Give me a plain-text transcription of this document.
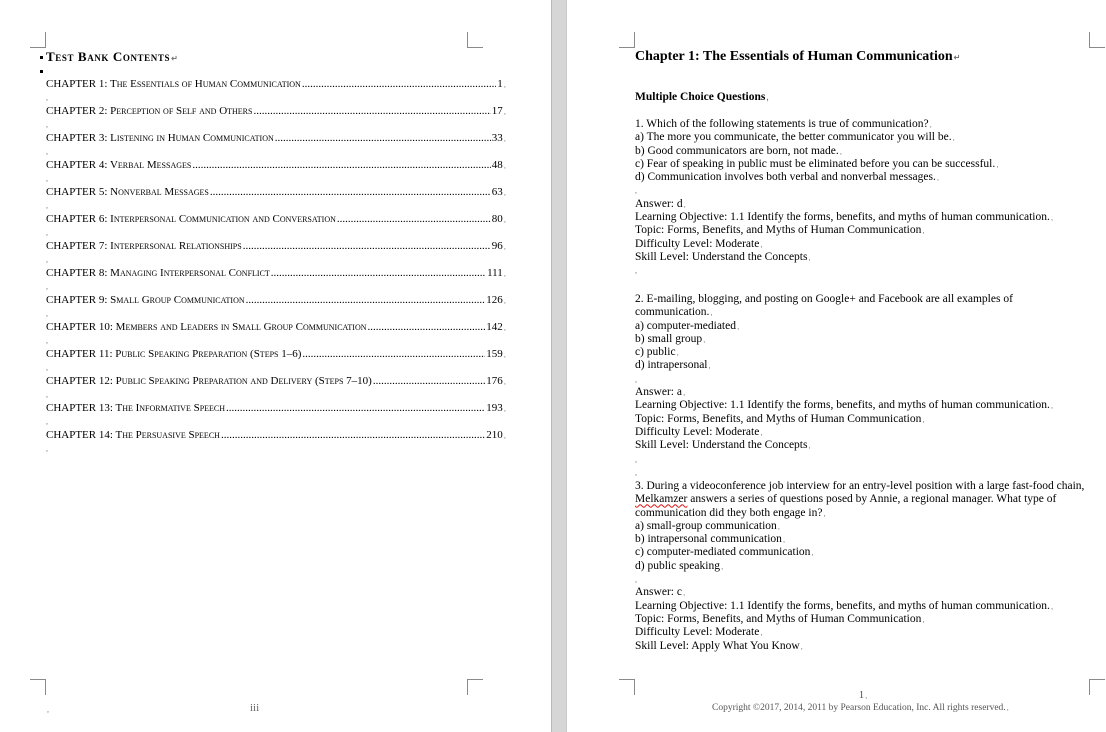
Test Bank Contents↵
CHAPTER 1: The Essentials of Human Communication .....	1 ,
,
CHAPTER 2: Perception of Self and Others .....	17 ,
,
CHAPTER 3: Listening in Human Communication .....	33 ,
,
CHAPTER 4: Verbal Messages .....	48 ,
,
CHAPTER 5: Nonverbal Messages .....	63 ,
,
CHAPTER 6: Interpersonal Communication and Conversation .....	80 ,
,
CHAPTER 7: Interpersonal Relationships .....	96 ,
,
CHAPTER 8: Managing Interpersonal Conflict .....	111 ,
,
CHAPTER 9: Small Group Communication .....	126 ,
,
CHAPTER 10: Members and Leaders in Small Group Communication .....	142 ,
,
CHAPTER 11: Public Speaking Preparation (Steps 1–6) .....	159 ,
,
CHAPTER 12: Public Speaking Preparation and Delivery (Steps 7–10) .....	176 ,
,
CHAPTER 13: The Informative Speech .....	193 ,
,
CHAPTER 14: The Persuasive Speech .....	210 ,
,
iii
,
Chapter 1: The Essentials of Human Communication↵
Multiple Choice Questions,
1. Which of the following statements is true of communication?,
a) The more you communicate, the better communicator you will be.,
b) Good communicators are born, not made.,
c) Fear of speaking in public must be eliminated before you can be successful.,
d) Communication involves both verbal and nonverbal messages.,
,
Answer: d,
Learning Objective: 1.1 Identify the forms, benefits, and myths of human communication.,
Topic: Forms, Benefits, and Myths of Human Communication,
Difficulty Level: Moderate,
Skill Level: Understand the Concepts,
,
2. E-mailing, blogging, and posting on Google+ and Facebook are all examples of
communication.,
a) computer-mediated,
b) small group,
c) public,
d) intrapersonal,
,
Answer: a,
Learning Objective: 1.1 Identify the forms, benefits, and myths of human communication.,
Topic: Forms, Benefits, and Myths of Human Communication,
Difficulty Level: Moderate,
Skill Level: Understand the Concepts,
,
,
3. During a videoconference job interview for an entry-level position with a large fast-food chain,
Melkamzer answers a series of questions posed by Annie, a regional manager. What type of
communication did they both engage in?,
a) small-group communication,
b) intrapersonal communication,
c) computer-mediated communication,
d) public speaking,
,
Answer: c,
Learning Objective: 1.1 Identify the forms, benefits, and myths of human communication.,
Topic: Forms, Benefits, and Myths of Human Communication,
Difficulty Level: Moderate,
Skill Level: Apply What You Know,
1,
Copyright ©2017, 2014, 2011 by Pearson Education, Inc. All rights reserved.,
